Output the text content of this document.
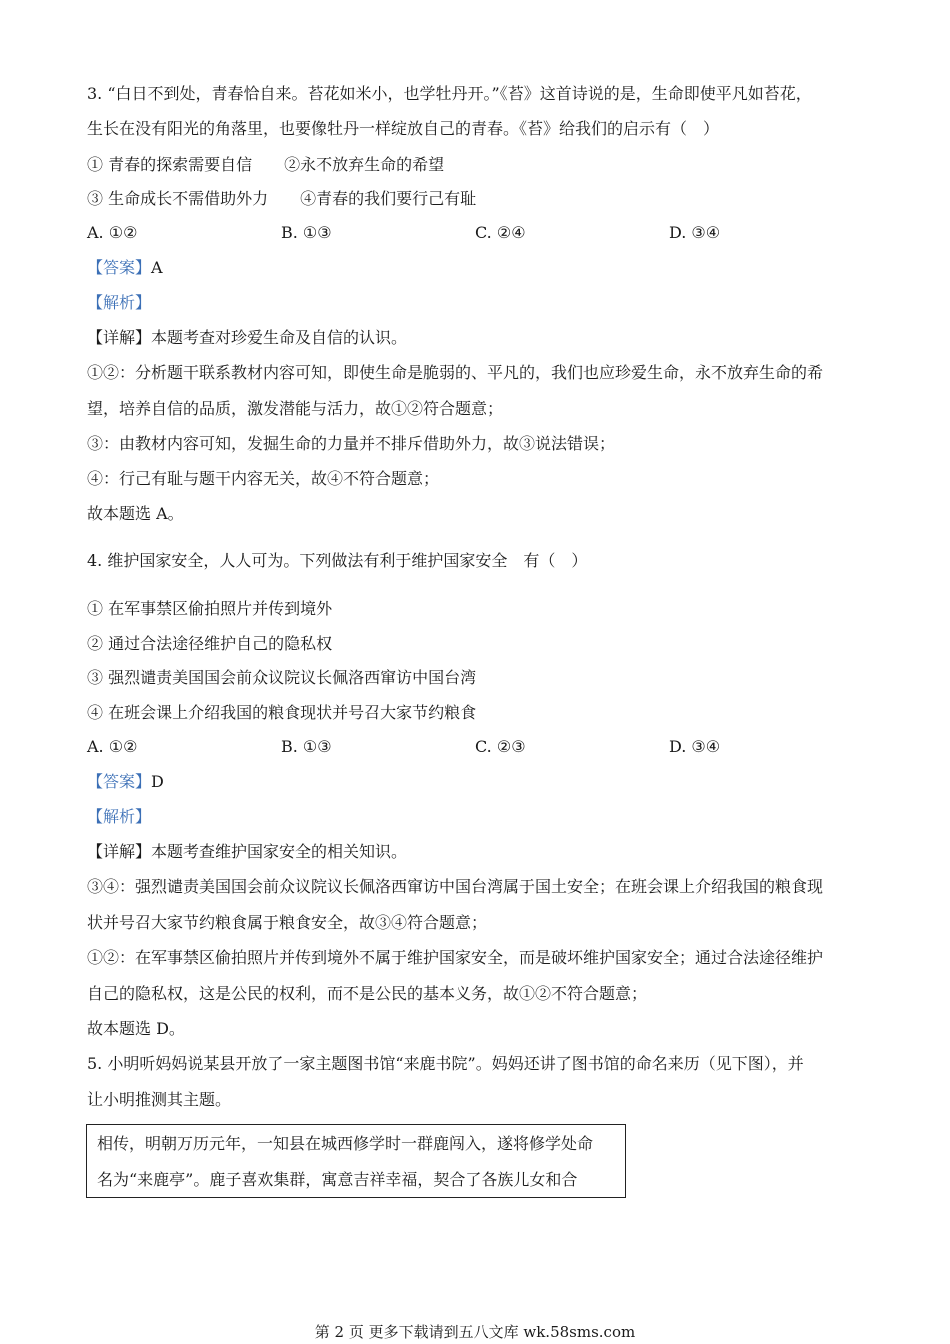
3. “白日不到处，青春恰自来。苔花如米小，也学牡丹开。”《苔》这首诗说的是，生命即使平凡如苔花，
生长在没有阳光的角落里，也要像牡丹一样绽放自己的青春。《苔》给我们的启示有（　）
① 青春的探索需要自信　　②永不放弃生命的希望
③ 生命成长不需借助外力　　④青春的我们要行己有耻
A. ①②	B. ①③	C. ②④	D. ③④
【答案】A
【解析】
【详解】本题考查对珍爱生命及自信的认识。
①②：分析题干联系教材内容可知，即使生命是脆弱的、平凡的，我们也应珍爱生命，永不放弃生命的希
望，培养自信的品质，激发潜能与活力，故①②符合题意；
③：由教材内容可知，发掘生命的力量并不排斥借助外力，故③说法错误；
④：行己有耻与题干内容无关，故④不符合题意；
故本题选 A。
4. 维护国家安全，人人可为。下列做法有利于维护国家安全　有（　）
① 在军事禁区偷拍照片并传到境外
② 通过合法途径维护自己的隐私权
③ 强烈谴责美国国会前众议院议长佩洛西窜访中国台湾
④ 在班会课上介绍我国的粮食现状并号召大家节约粮食
A. ①②	B. ①③	C. ②③	D. ③④
【答案】D
【解析】
【详解】本题考查维护国家安全的相关知识。
③④：强烈谴责美国国会前众议院议长佩洛西窜访中国台湾属于国土安全；在班会课上介绍我国的粮食现
状并号召大家节约粮食属于粮食安全，故③④符合题意；
①②：在军事禁区偷拍照片并传到境外不属于维护国家安全，而是破坏维护国家安全；通过合法途径维护
自己的隐私权，这是公民的权利，而不是公民的基本义务，故①②不符合题意；
故本题选 D。
5. 小明听妈妈说某县开放了一家主题图书馆“来鹿书院”。妈妈还讲了图书馆的命名来历（见下图），并
让小明推测其主题。
相传，明朝万历元年，一知县在城西修学时一群鹿闯入，遂将修学处命
名为“来鹿亭”。鹿子喜欢集群，寓意吉祥幸福，契合了各族儿女和合
第 2 页 更多下载请到五八文库 wk.58sms.com
